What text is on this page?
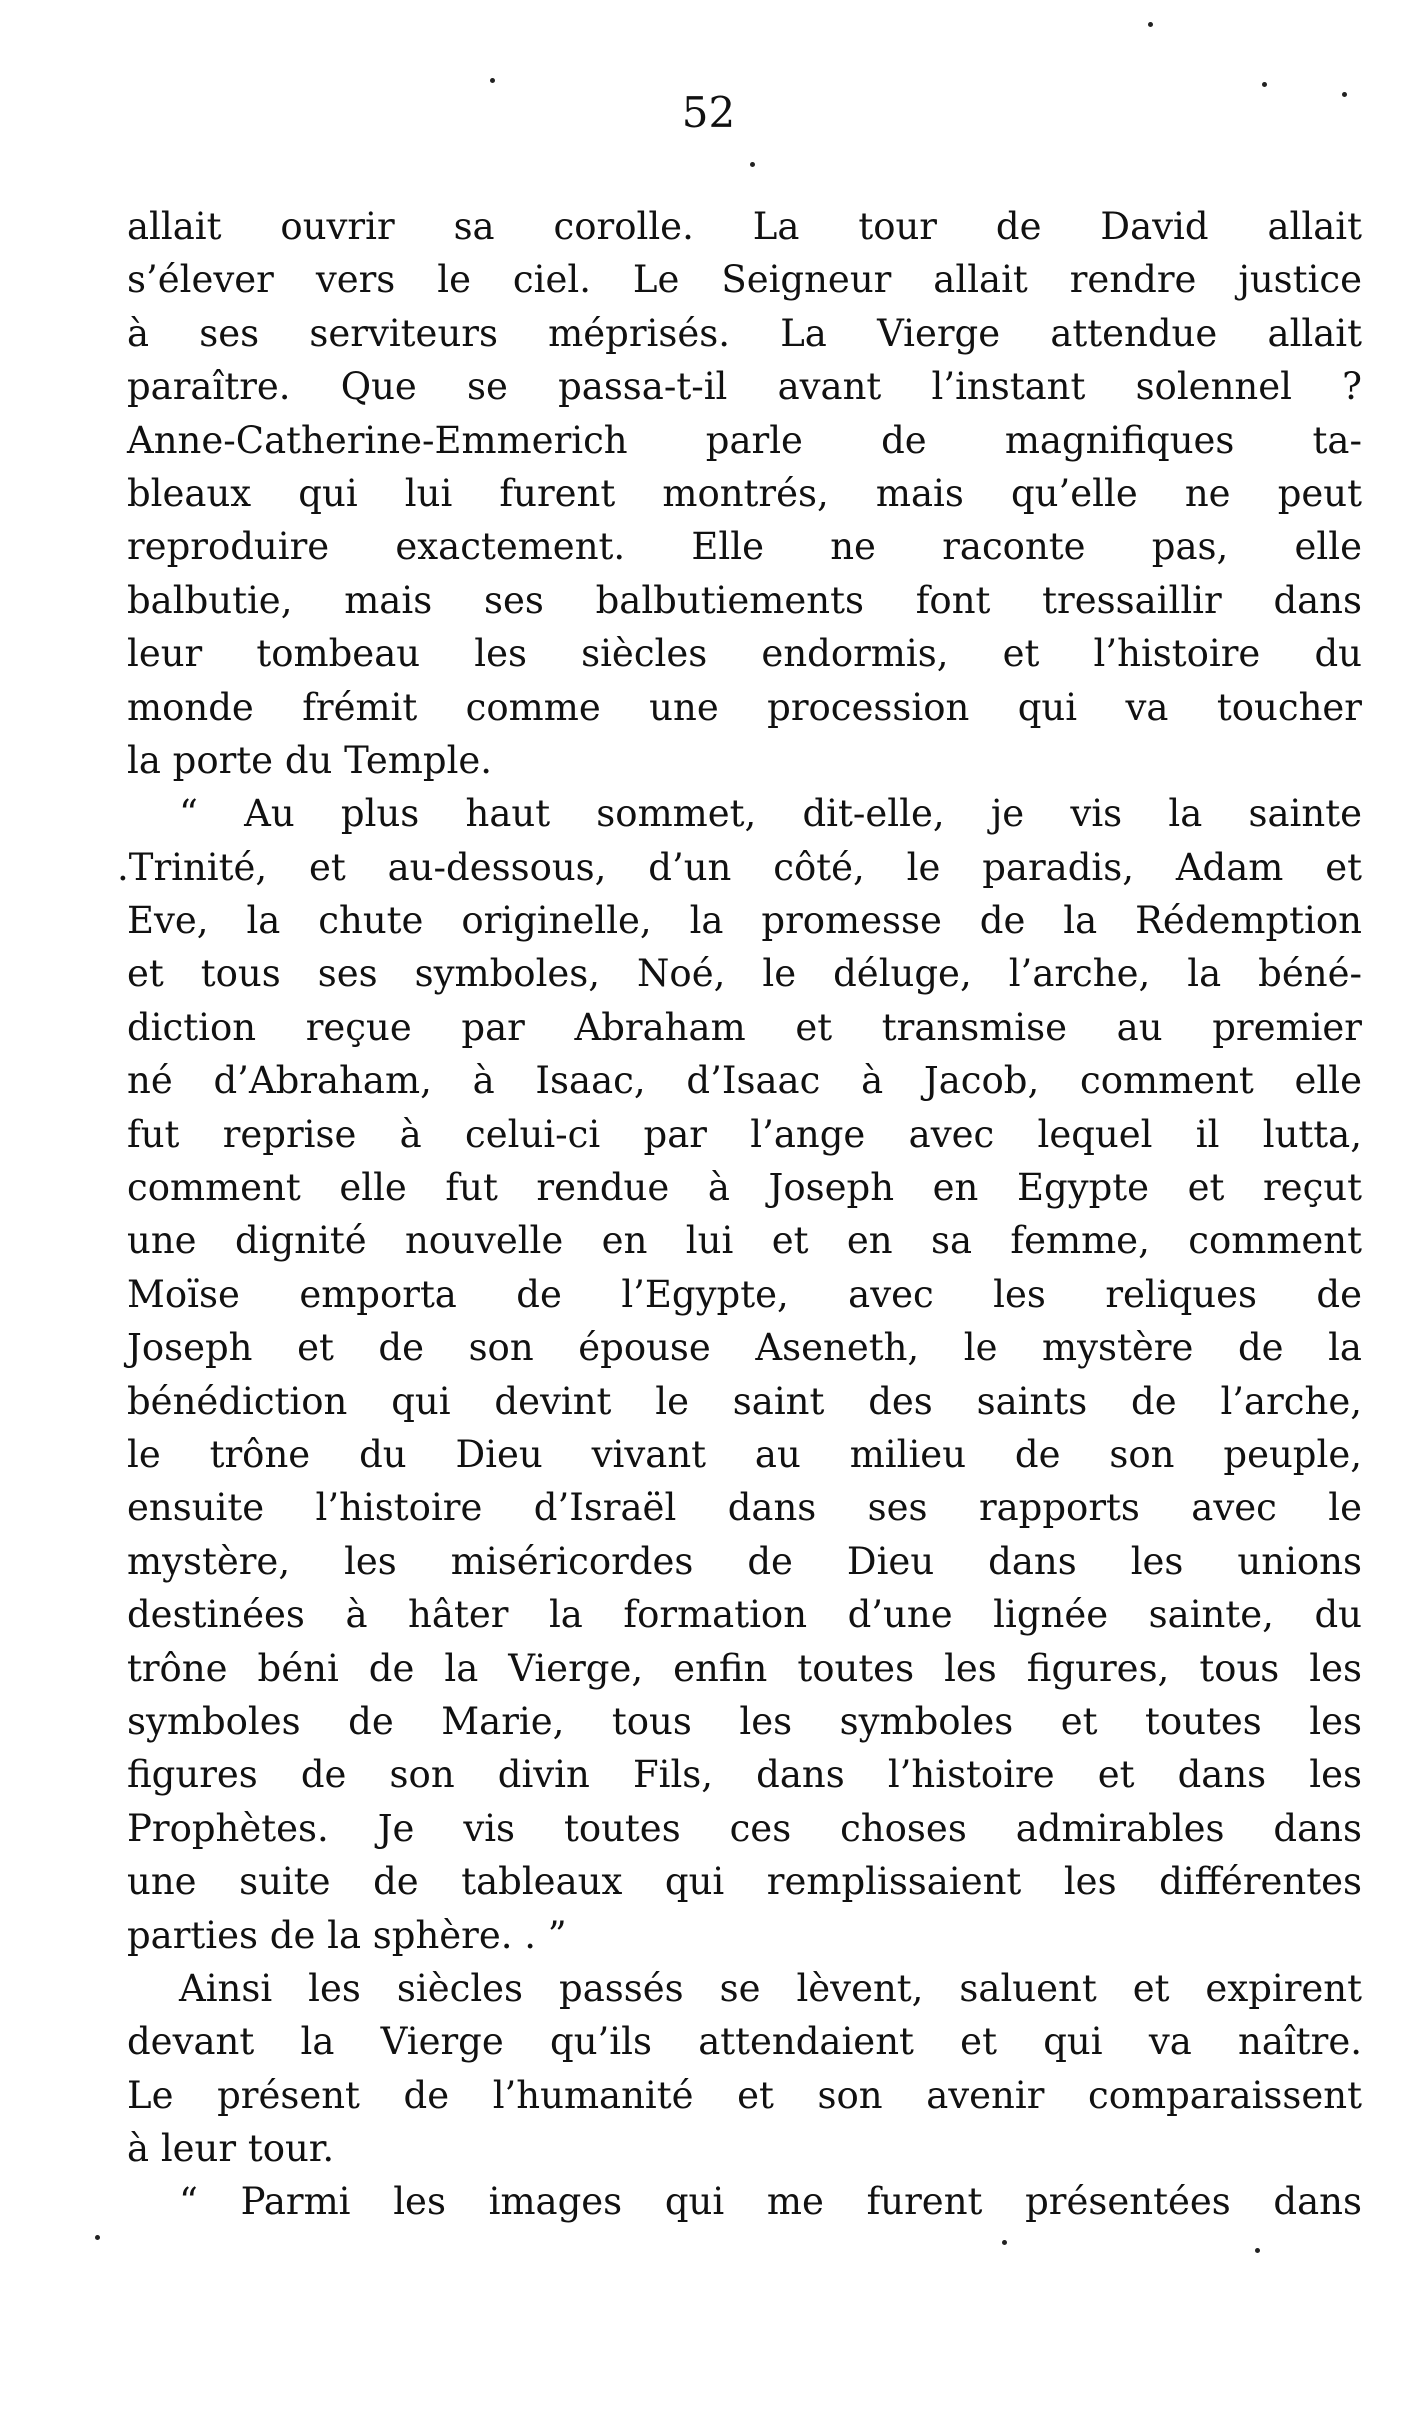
52
allait ouvrir sa corolle. La tour de David allait
s’élever vers le ciel. Le Seigneur allait rendre justice
à ses serviteurs méprisés. La Vierge attendue allait
paraître. Que se passa-t-il avant l’instant solennel ?
Anne-Catherine-Emmerich parle de magnifiques ta-
bleaux qui lui furent montrés, mais qu’elle ne peut
reproduire exactement. Elle ne raconte pas, elle
balbutie, mais ses balbutiements font tressaillir dans
leur tombeau les siècles endormis, et l’histoire du
monde frémit comme une procession qui va toucher
la porte du Temple.
“ Au plus haut sommet, dit-elle, je vis la sainte
.Trinité, et au-dessous, d’un côté, le paradis, Adam et
Eve, la chute originelle, la promesse de la Rédemption
et tous ses symboles, Noé, le déluge, l’arche, la béné-
diction reçue par Abraham et transmise au premier
né d’Abraham, à Isaac, d’Isaac à Jacob, comment elle
fut reprise à celui-ci par l’ange avec lequel il lutta,
comment elle fut rendue à Joseph en Egypte et reçut
une dignité nouvelle en lui et en sa femme, comment
Moïse emporta de l’Egypte, avec les reliques de
Joseph et de son épouse Aseneth, le mystère de la
bénédiction qui devint le saint des saints de l’arche,
le trône du Dieu vivant au milieu de son peuple,
ensuite l’histoire d’Israël dans ses rapports avec le
mystère, les miséricordes de Dieu dans les unions
destinées à hâter la formation d’une lignée sainte, du
trône béni de la Vierge, enfin toutes les figures, tous les
symboles de Marie, tous les symboles et toutes les
figures de son divin Fils, dans l’histoire et dans les
Prophètes. Je vis toutes ces choses admirables dans
une suite de tableaux qui remplissaient les différentes
parties de la sphère. . ”
Ainsi les siècles passés se lèvent, saluent et expirent
devant la Vierge qu’ils attendaient et qui va naître.
Le présent de l’humanité et son avenir comparaissent
à leur tour.
“ Parmi les images qui me furent présentées dans
